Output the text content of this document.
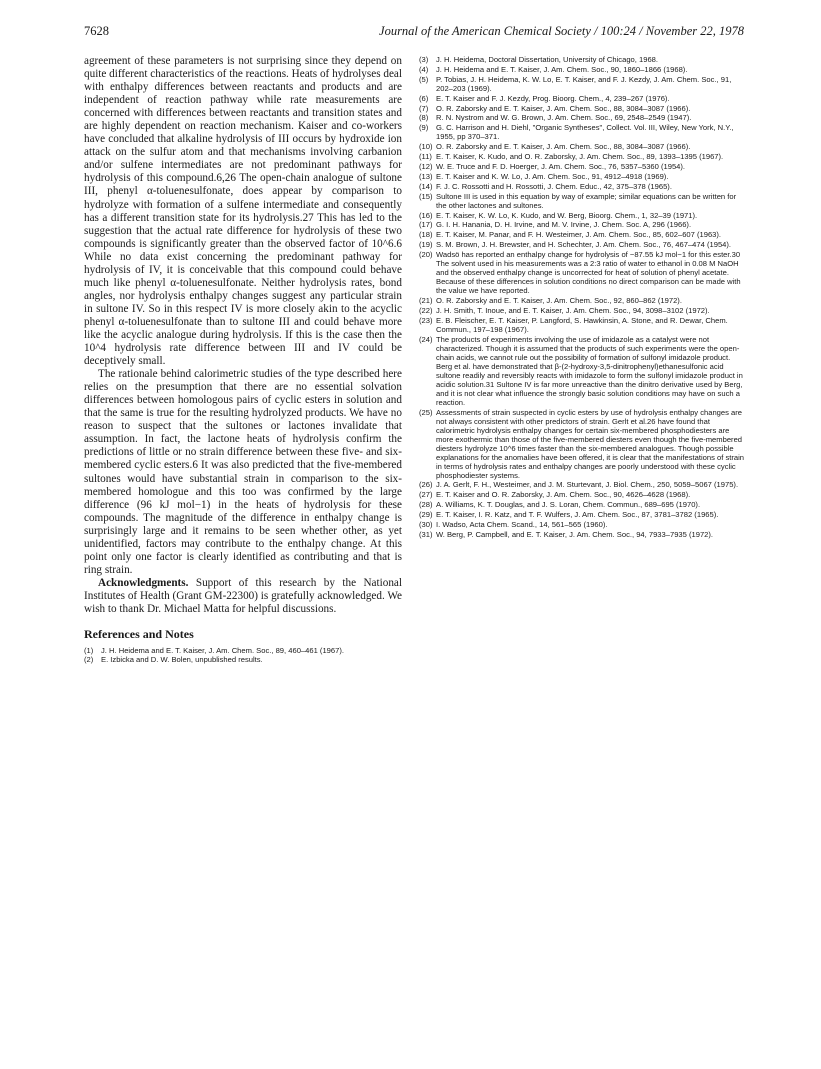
7628	Journal of the American Chemical Society / 100:24 / November 22, 1978

agreement of these parameters is not surprising since they depend on quite different characteristics of the reactions. Heats of hydrolyses deal with enthalpy differences between reactants and products and are independent of reaction pathway while rate measurements are concerned with differences between reactants and transition states and are highly dependent on reaction mechanism. Kaiser and co-workers have concluded that alkaline hydrolysis of III occurs by hydroxide ion attack on the sulfur atom and that mechanisms involving carbanion and/or sulfene intermediates are not predominant pathways for hydrolysis of this compound.6,26 The open-chain analogue of sultone III, phenyl α-toluenesulfonate, does appear by comparison to hydrolyze with formation of a sulfene intermediate and consequently has a different transition state for its hydrolysis.27 This has led to the suggestion that the actual rate difference for hydrolysis of these two compounds is significantly greater than the observed factor of 10^6.6 While no data exist concerning the predominant pathway for hydrolysis of IV, it is conceivable that this compound could behave much like phenyl α-toluenesulfonate. Neither hydrolysis rates, bond angles, nor hydrolysis enthalpy changes suggest any particular strain in sultone IV. So in this respect IV is more closely akin to the acyclic phenyl α-toluenesulfonate than to sultone III and could behave more like the acyclic analogue during hydrolysis. If this is the case then the 10^4 hydrolysis rate difference between III and IV could be deceptively small.

The rationale behind calorimetric studies of the type described here relies on the presumption that there are no essential solvation differences between homologous pairs of cyclic esters in solution and that the same is true for the resulting hydrolyzed products. We have no reason to suspect that the sultones or lactones invalidate that assumption. In fact, the lactone heats of hydrolysis confirm the predictions of little or no strain difference between these five- and six-membered cyclic esters.6 It was also predicted that the five-membered sultones would have substantial strain in comparison to the six-membered homologue and this too was confirmed by the large difference (96 kJ mol−1) in the heats of hydrolysis for these compounds. The magnitude of the difference in enthalpy change is surprisingly large and it remains to be seen whether other, as yet unidentified, factors may contribute to the enthalpy change. At this point only one factor is clearly identified as contributing and that is ring strain.

Acknowledgments. Support of this research by the National Institutes of Health (Grant GM-22300) is gratefully acknowledged. We wish to thank Dr. Michael Matta for helpful discussions.

References and Notes
(1) J. H. Heidema and E. T. Kaiser, J. Am. Chem. Soc., 89, 460–461 (1967).
(2) E. Izbicka and D. W. Bolen, unpublished results.
(3) J. H. Heidema, Doctoral Dissertation, University of Chicago, 1968.
(4) J. H. Heidema and E. T. Kaiser, J. Am. Chem. Soc., 90, 1860–1866 (1968).
(5) P. Tobias, J. H. Heidema, K. W. Lo, E. T. Kaiser, and F. J. Kezdy, J. Am. Chem. Soc., 91, 202–203 (1969).
(6) E. T. Kaiser and F. J. Kezdy, Prog. Bioorg. Chem., 4, 239–267 (1976).
(7) O. R. Zaborsky and E. T. Kaiser, J. Am. Chem. Soc., 88, 3084–3087 (1966).
(8) R. N. Nystrom and W. G. Brown, J. Am. Chem. Soc., 69, 2548–2549 (1947).
(9) G. C. Harrison and H. Diehl, "Organic Syntheses", Collect. Vol. III, Wiley, New York, N.Y., 1955, pp 370–371.
(10) O. R. Zaborsky and E. T. Kaiser, J. Am. Chem. Soc., 88, 3084–3087 (1966).
(11) E. T. Kaiser, K. Kudo, and O. R. Zaborsky, J. Am. Chem. Soc., 89, 1393–1395 (1967).
(12) W. E. Truce and F. D. Hoerger, J. Am. Chem. Soc., 76, 5357–5360 (1954).
(13) E. T. Kaiser and K. W. Lo, J. Am. Chem. Soc., 91, 4912–4918 (1969).
(14) F. J. C. Rossotti and H. Rossotti, J. Chem. Educ., 42, 375–378 (1965).
(15) Sultone III is used in this equation by way of example; similar equations can be written for the other lactones and sultones.
(16) E. T. Kaiser, K. W. Lo, K. Kudo, and W. Berg, Bioorg. Chem., 1, 32–39 (1971).
(17) G. I. H. Hanania, D. H. Irvine, and M. V. Irvine, J. Chem. Soc. A, 296 (1966).
(18) E. T. Kaiser, M. Panar, and F. H. Westeimer, J. Am. Chem. Soc., 85, 602–607 (1963).
(19) S. M. Brown, J. H. Brewster, and H. Schechter, J. Am. Chem. Soc., 76, 467–474 (1954).
(20) Wadsö has reported an enthalpy change for hydrolysis of −87.55 kJ mol−1 for this ester.30 The solvent used in his measurements was a 2:3 ratio of water to ethanol in 0.08 M NaOH and the observed enthalpy change is uncorrected for heat of solution of phenyl acetate. Because of these differences in solution conditions no direct comparison can be made with the value we have reported.
(21) O. R. Zaborsky and E. T. Kaiser, J. Am. Chem. Soc., 92, 860–862 (1972).
(22) J. H. Smith, T. Inoue, and E. T. Kaiser, J. Am. Chem. Soc., 94, 3098–3102 (1972).
(23) E. B. Fleischer, E. T. Kaiser, P. Langford, S. Hawkinsin, A. Stone, and R. Dewar, Chem. Commun., 197–198 (1967).
(24) The products of experiments involving the use of imidazole as a catalyst were not characterized. Though it is assumed that the products of such experiments were the open-chain acids, we cannot rule out the possibility of formation of sulfonyl imidazole product. Berg et al. have demonstrated that β-(2-hydroxy-3,5-dinitrophenyl)ethanesulfonic acid sultone readily and reversibly reacts with imidazole to form the sulfonyl imidazole product in acidic solution.31 Sultone IV is far more unreactive than the dinitro derivative used by Berg, and it is not clear what influence the strongly basic solution conditions may have on such a reaction.
(25) Assessments of strain suspected in cyclic esters by use of hydrolysis enthalpy changes are not always consistent with other predictors of strain. Gerlt et al.26 have found that calorimetric hydrolysis enthalpy changes for certain six-membered phosphodiesters are more exothermic than those of the five-membered diesters even though the five-membered diesters hydrolyze 10^6 times faster than the six-membered analogues. Though possible explanations for the anomalies have been offered, it is clear that the manifestations of strain in terms of hydrolysis rates and enthalpy changes are poorly understood with these cyclic phosphodiester systems.
(26) J. A. Gerlt, F. H., Westeimer, and J. M. Sturtevant, J. Biol. Chem., 250, 5059–5067 (1975).
(27) E. T. Kaiser and O. R. Zaborsky, J. Am. Chem. Soc., 90, 4626–4628 (1968).
(28) A. Williams, K. T. Douglas, and J. S. Loran, Chem. Commun., 689–695 (1970).
(29) E. T. Kaiser, I. R. Katz, and T. F. Wulfers, J. Am. Chem. Soc., 87, 3781–3782 (1965).
(30) I. Wadso, Acta Chem. Scand., 14, 561–565 (1960).
(31) W. Berg, P. Campbell, and E. T. Kaiser, J. Am. Chem. Soc., 94, 7933–7935 (1972).
